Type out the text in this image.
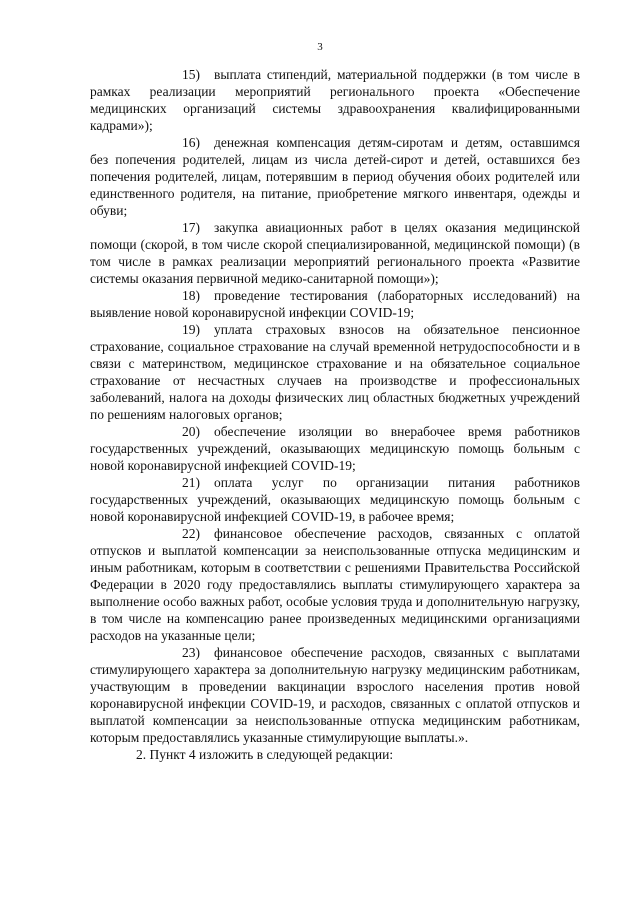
3

15) выплата стипендий, материальной поддержки (в том числе в рамках реализации мероприятий регионального проекта «Обеспечение медицинских организаций системы здравоохранения квалифицированными кадрами»);

16) денежная компенсация детям-сиротам и детям, оставшимся без попечения родителей, лицам из числа детей-сирот и детей, оставшихся без попечения родителей, лицам, потерявшим в период обучения обоих родителей или единственного родителя, на питание, приобретение мягкого инвентаря, одежды и обуви;

17) закупка авиационных работ в целях оказания медицинской помощи (скорой, в том числе скорой специализированной, медицинской помощи) (в том числе в рамках реализации мероприятий регионального проекта «Развитие системы оказания первичной медико-санитарной помощи»);

18) проведение тестирования (лабораторных исследований) на выявление новой коронавирусной инфекции COVID-19;

19) уплата страховых взносов на обязательное пенсионное страхование, социальное страхование на случай временной нетрудоспособности и в связи с материнством, медицинское страхование и на обязательное социальное страхование от несчастных случаев на производстве и профессиональных заболеваний, налога на доходы физических лиц областных бюджетных учреждений по решениям налоговых органов;

20) обеспечение изоляции во внерабочее время работников государственных учреждений, оказывающих медицинскую помощь больным с новой коронавирусной инфекцией COVID-19;

21) оплата услуг по организации питания работников государственных учреждений, оказывающих медицинскую помощь больным с новой коронавирусной инфекцией COVID-19, в рабочее время;

22) финансовое обеспечение расходов, связанных с оплатой отпусков и выплатой компенсации за неиспользованные отпуска медицинским и иным работникам, которым в соответствии с решениями Правительства Российской Федерации в 2020 году предоставлялись выплаты стимулирующего характера за выполнение особо важных работ, особые условия труда и дополнительную нагрузку, в том числе на компенсацию ранее произведенных медицинскими организациями расходов на указанные цели;

23) финансовое обеспечение расходов, связанных с выплатами стимулирующего характера за дополнительную нагрузку медицинским работникам, участвующим в проведении вакцинации взрослого населения против новой коронавирусной инфекции COVID-19, и расходов, связанных с оплатой отпусков и выплатой компенсации за неиспользованные отпуска медицинским работникам, которым предоставлялись указанные стимулирующие выплаты.».

2. Пункт 4 изложить в следующей редакции:
